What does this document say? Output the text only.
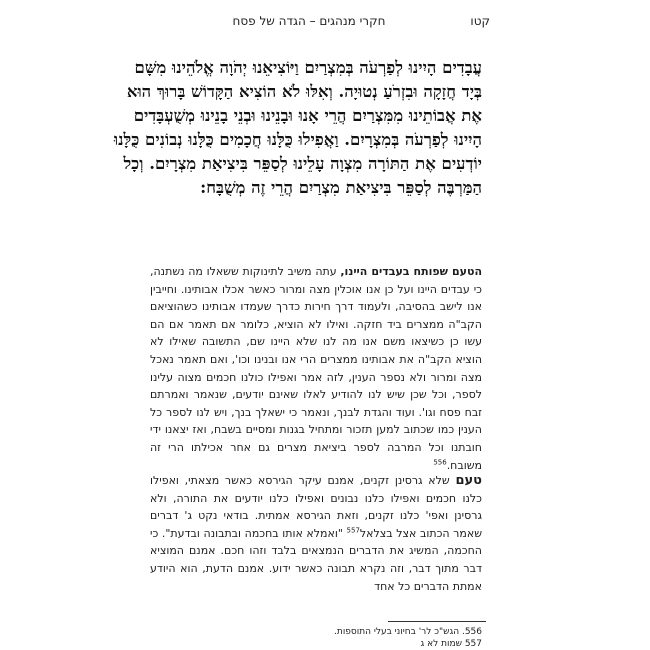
חקרי מנהגים – הגדה של פסח	קטו
עֲבָדִים הָיִינוּ לְפַרְעֹה בְּמִצְרַיִם וַיּוֹצִיאֵנוּ יְהֹוָה אֱלֹהֵינוּ מִשָּׁם
בְּיָד חֲזָקָה וּבִזְרֹעַ נְטוּיָה. וְאִלּוּ לֹא הוֹצִיא הַקָּדוֹשׁ בָּרוּךְ הוּא
אֶת אֲבוֹתֵינוּ מִמִּצְרַיִם הֲרֵי אָנוּ וּבָנֵינוּ וּבְנֵי בָנֵינוּ מְשֻׁעְבָּדִים
הָיִינוּ לְפַרְעֹה בְּמִצְרָיִם. וַאֲפִילוּ כֻּלָּנוּ חֲכָמִים כֻּלָּנוּ נְבוֹנִים כֻּלָּנוּ
יוֹדְעִים אֶת הַתּוֹרָה מִצְוָה עָלֵינוּ לְסַפֵּר בִּיצִיאַת מִצְרָיִם. וְכָל
הַמַּרְבֶּה לְסַפֵּר בִּיצִיאַת מִצְרַיִם הֲרֵי זֶה מְשֻׁבָּח:
הטעם שפותח בעבדים היינו, עתה משיב לתינוקות ששאלו מה נשתנה, כי עבדים היינו ועל כן אנו אוכלין מצה ומרור כאשר אכלו אבותינו. וחייבין אנו לישב בהסיבה, ולעמוד דרך חירות כדרך שעמדו אבותינו כשהוציאם הקב"ה ממצרים ביד חזקה. ואילו לא הוציא, כלומר אם תאמר אם הם עשו כן כשיצאו משם אנו מה לנו שלא היינו שם, התשובה שאילו לא הוציא הקב"ה את אבותינו ממצרים הרי אנו ובנינו וכו', ואם תאמר נאכל מצה ומרור ולא נספר הענין, לזה אמר ואפילו כולנו חכמים מצוה עלינו לספר, וכל שכן שיש לנו להודיע לאלו שאינם יודעים, שנאמר ואמרתם זבח פסח וגו'. ועוד והגדת לבנך, ונאמר כי ישאלך בנך, ויש לנו לספר כל הענין כמו שכתוב למען תזכור ומתחיל בגנות ומסיים בשבח, ואז יצאנו ידי חובתנו וכל המרבה לספר ביציאת מצרים גם אחר אכילתו הרי זה משובח.$^{556}$
טעם שלא גרסינן זקנים, אמנם עיקר הגירסא כאשר מצאתי, ואפילו כלנו חכמים ואפילו כלנו נבונים ואפילו כלנו יודעים את התורה, ולא גרסינן ואפי' כלנו זקנים, וזאת הגירסא אמתית. בודאי נקט ג' דברים שאמר הכתוב אצל בצלאל$^{557}$ "ואמלא אותו בחכמה ובתבונה ובדעת". כי החכמה, המשיג את הדברים הנמצאים בלבד וזהו חכם. אמנם המוציא דבר מתוך דבר, וזה נקרא תבונה כאשר ידוע. אמנם הדעת, הוא היודע אמתת הדברים כל אחד
556. הגש"כ לר' בחיוני בעלי התוספות.
557 שמות לא ג
